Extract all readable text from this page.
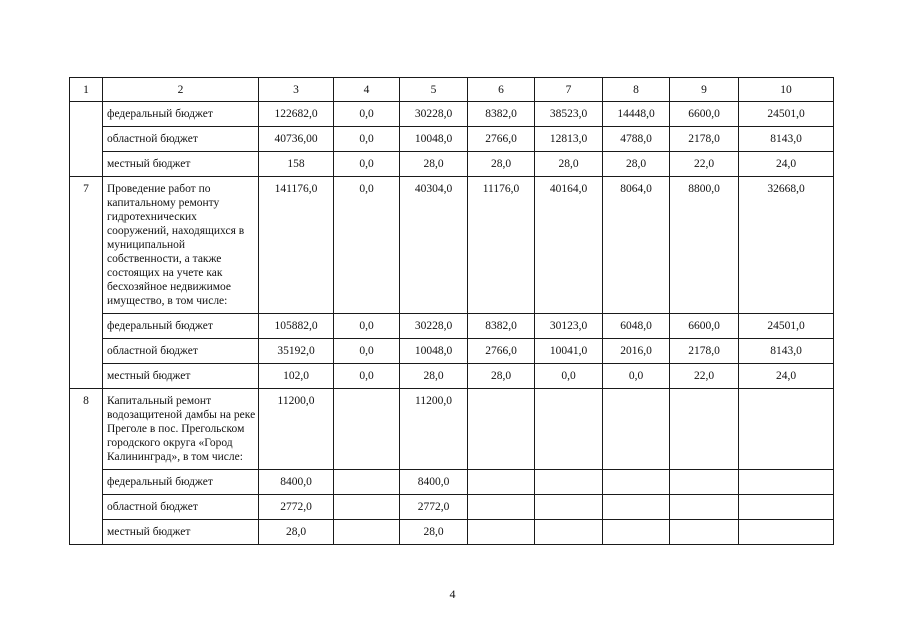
1	2	3	4	5	6	7	8	9	10
	федеральный бюджет	122682,0	0,0	30228,0	8382,0	38523,0	14448,0	6600,0	24501,0
	областной бюджет	40736,00	0,0	10048,0	2766,0	12813,0	4788,0	2178,0	8143,0
	местный бюджет	158	0,0	28,0	28,0	28,0	28,0	22,0	24,0
7	Проведение работ по капитальному ремонту гидротехнических сооружений, находящихся в муниципальной собственности, а также состоящих на учете как бесхозяйное недвижимое имущество, в том числе:	141176,0	0,0	40304,0	11176,0	40164,0	8064,0	8800,0	32668,0
	федеральный бюджет	105882,0	0,0	30228,0	8382,0	30123,0	6048,0	6600,0	24501,0
	областной бюджет	35192,0	0,0	10048,0	2766,0	10041,0	2016,0	2178,0	8143,0
	местный бюджет	102,0	0,0	28,0	28,0	0,0	0,0	22,0	24,0
8	Капитальный ремонт водозащитеной дамбы на реке Преголе в пос. Прегольском городского округа «Город Калининград», в том числе:	11200,0		11200,0					
	федеральный бюджет	8400,0		8400,0					
	областной бюджет	2772,0		2772,0					
	местный бюджет	28,0		28,0					
4
